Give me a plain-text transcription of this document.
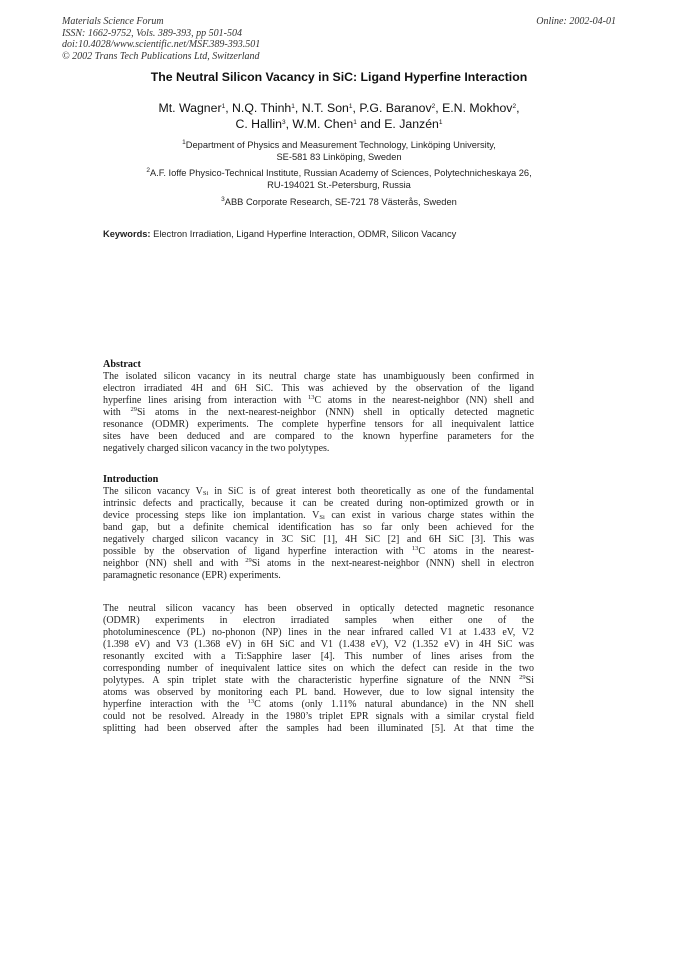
Materials Science Forum
ISSN: 1662-9752, Vols. 389-393, pp 501-504
doi:10.4028/www.scientific.net/MSF.389-393.501
© 2002 Trans Tech Publications Ltd, Switzerland
Online: 2002-04-01
The Neutral Silicon Vacancy in SiC: Ligand Hyperfine Interaction
Mt. Wagner$^1$, N.Q. Thinh$^1$, N.T. Son$^1$, P.G. Baranov$^2$, E.N. Mokhov$^2$,
C. Hallin$^3$, W.M. Chen$^1$ and E. Janzén$^1$
$^1$Department of Physics and Measurement Technology, Linköping University,
SE-581 83 Linköping, Sweden
$^2$A.F. Ioffe Physico-Technical Institute, Russian Academy of Sciences, Polytechnicheskaya 26,
RU-194021 St.-Petersburg, Russia
$^3$ABB Corporate Research, SE-721 78 Västerås, Sweden
Keywords: Electron Irradiation, Ligand Hyperfine Interaction, ODMR, Silicon Vacancy
Abstract
The isolated silicon vacancy in its neutral charge state has unambiguously been confirmed in
electron irradiated 4H and 6H SiC. This was achieved by the observation of the ligand
hyperfine lines arising from interaction with $^{13}$C atoms in the nearest-neighbor (NN) shell and
with $^{29}$Si atoms in the next-nearest-neighbor (NNN) shell in optically detected magnetic
resonance (ODMR) experiments. The complete hyperfine tensors for all inequivalent lattice
sites have been deduced and are compared to the known hyperfine parameters for the
negatively charged silicon vacancy in the two polytypes.
Introduction
The silicon vacancy $V_{Si}$ in SiC is of great interest both theoretically as one of the fundamental
intrinsic defects and practically, because it can be created during non-optimized growth or in
device processing steps like ion implantation. $V_{Si}$ can exist in various charge states within the
band gap, but a definite chemical identification has so far only been achieved for the
negatively charged silicon vacancy in 3C SiC [1], 4H SiC [2] and 6H SiC [3]. This was
possible by the observation of ligand hyperfine interaction with $^{13}$C atoms in the nearest-
neighbor (NN) shell and with $^{29}$Si atoms in the next-nearest-neighbor (NNN) shell in electron
paramagnetic resonance (EPR) experiments.
The neutral silicon vacancy has been observed in optically detected magnetic resonance
(ODMR) experiments in electron irradiated samples when either one of the
photoluminescence (PL) no-phonon (NP) lines in the near infrared called V1 at 1.433 eV, V2
(1.398 eV) and V3 (1.368 eV) in 6H SiC and V1 (1.438 eV), V2 (1.352 eV) in 4H SiC was
resonantly excited with a Ti:Sapphire laser [4]. This number of lines arises from the
corresponding number of inequivalent lattice sites on which the defect can reside in the two
polytypes. A spin triplet state with the characteristic hyperfine signature of the NNN $^{29}$Si
atoms was observed by monitoring each PL band. However, due to low signal intensity the
hyperfine interaction with the $^{13}$C atoms (only 1.11% natural abundance) in the NN shell
could not be resolved. Already in the 1980’s triplet EPR signals with a similar crystal field
splitting had been observed after the samples had been illuminated [5]. At that time the
